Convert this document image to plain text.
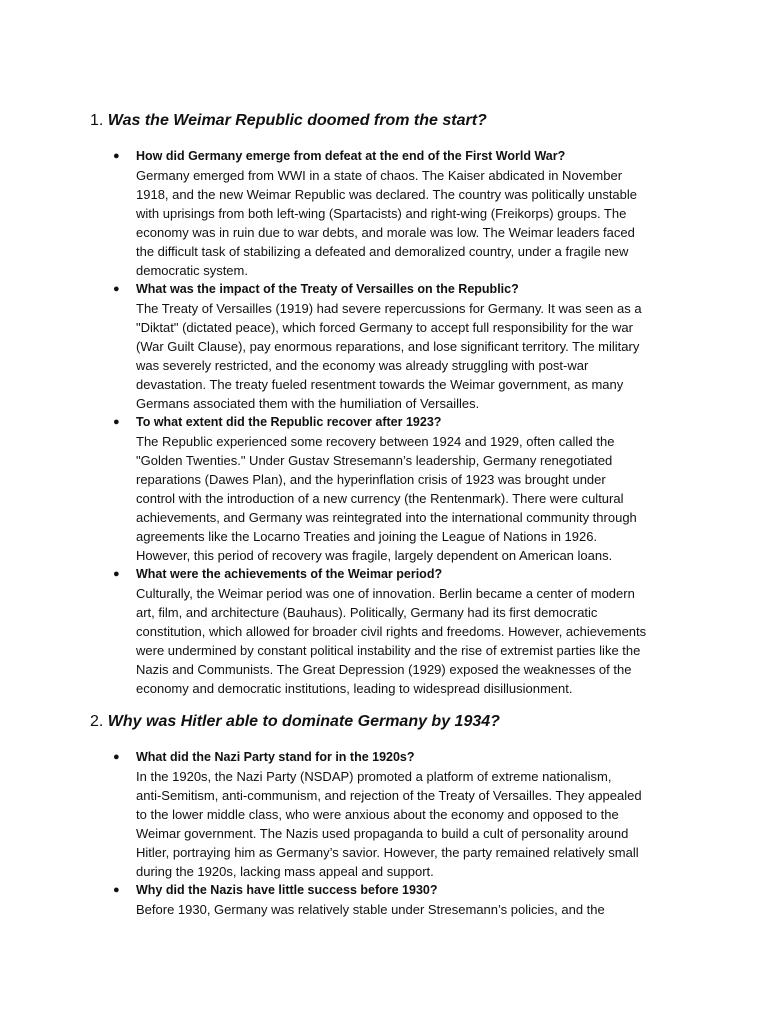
1. Was the Weimar Republic doomed from the start?
● How did Germany emerge from defeat at the end of the First World War?
Germany emerged from WWI in a state of chaos. The Kaiser abdicated in November
1918, and the new Weimar Republic was declared. The country was politically unstable
with uprisings from both left-wing (Spartacists) and right-wing (Freikorps) groups. The
economy was in ruin due to war debts, and morale was low. The Weimar leaders faced
the difficult task of stabilizing a defeated and demoralized country, under a fragile new
democratic system.
● What was the impact of the Treaty of Versailles on the Republic?
The Treaty of Versailles (1919) had severe repercussions for Germany. It was seen as a
"Diktat" (dictated peace), which forced Germany to accept full responsibility for the war
(War Guilt Clause), pay enormous reparations, and lose significant territory. The military
was severely restricted, and the economy was already struggling with post-war
devastation. The treaty fueled resentment towards the Weimar government, as many
Germans associated them with the humiliation of Versailles.
● To what extent did the Republic recover after 1923?
The Republic experienced some recovery between 1924 and 1929, often called the
"Golden Twenties." Under Gustav Stresemann’s leadership, Germany renegotiated
reparations (Dawes Plan), and the hyperinflation crisis of 1923 was brought under
control with the introduction of a new currency (the Rentenmark). There were cultural
achievements, and Germany was reintegrated into the international community through
agreements like the Locarno Treaties and joining the League of Nations in 1926.
However, this period of recovery was fragile, largely dependent on American loans.
● What were the achievements of the Weimar period?
Culturally, the Weimar period was one of innovation. Berlin became a center of modern
art, film, and architecture (Bauhaus). Politically, Germany had its first democratic
constitution, which allowed for broader civil rights and freedoms. However, achievements
were undermined by constant political instability and the rise of extremist parties like the
Nazis and Communists. The Great Depression (1929) exposed the weaknesses of the
economy and democratic institutions, leading to widespread disillusionment.
2. Why was Hitler able to dominate Germany by 1934?
● What did the Nazi Party stand for in the 1920s?
In the 1920s, the Nazi Party (NSDAP) promoted a platform of extreme nationalism,
anti-Semitism, anti-communism, and rejection of the Treaty of Versailles. They appealed
to the lower middle class, who were anxious about the economy and opposed to the
Weimar government. The Nazis used propaganda to build a cult of personality around
Hitler, portraying him as Germany’s savior. However, the party remained relatively small
during the 1920s, lacking mass appeal and support.
● Why did the Nazis have little success before 1930?
Before 1930, Germany was relatively stable under Stresemann’s policies, and the
